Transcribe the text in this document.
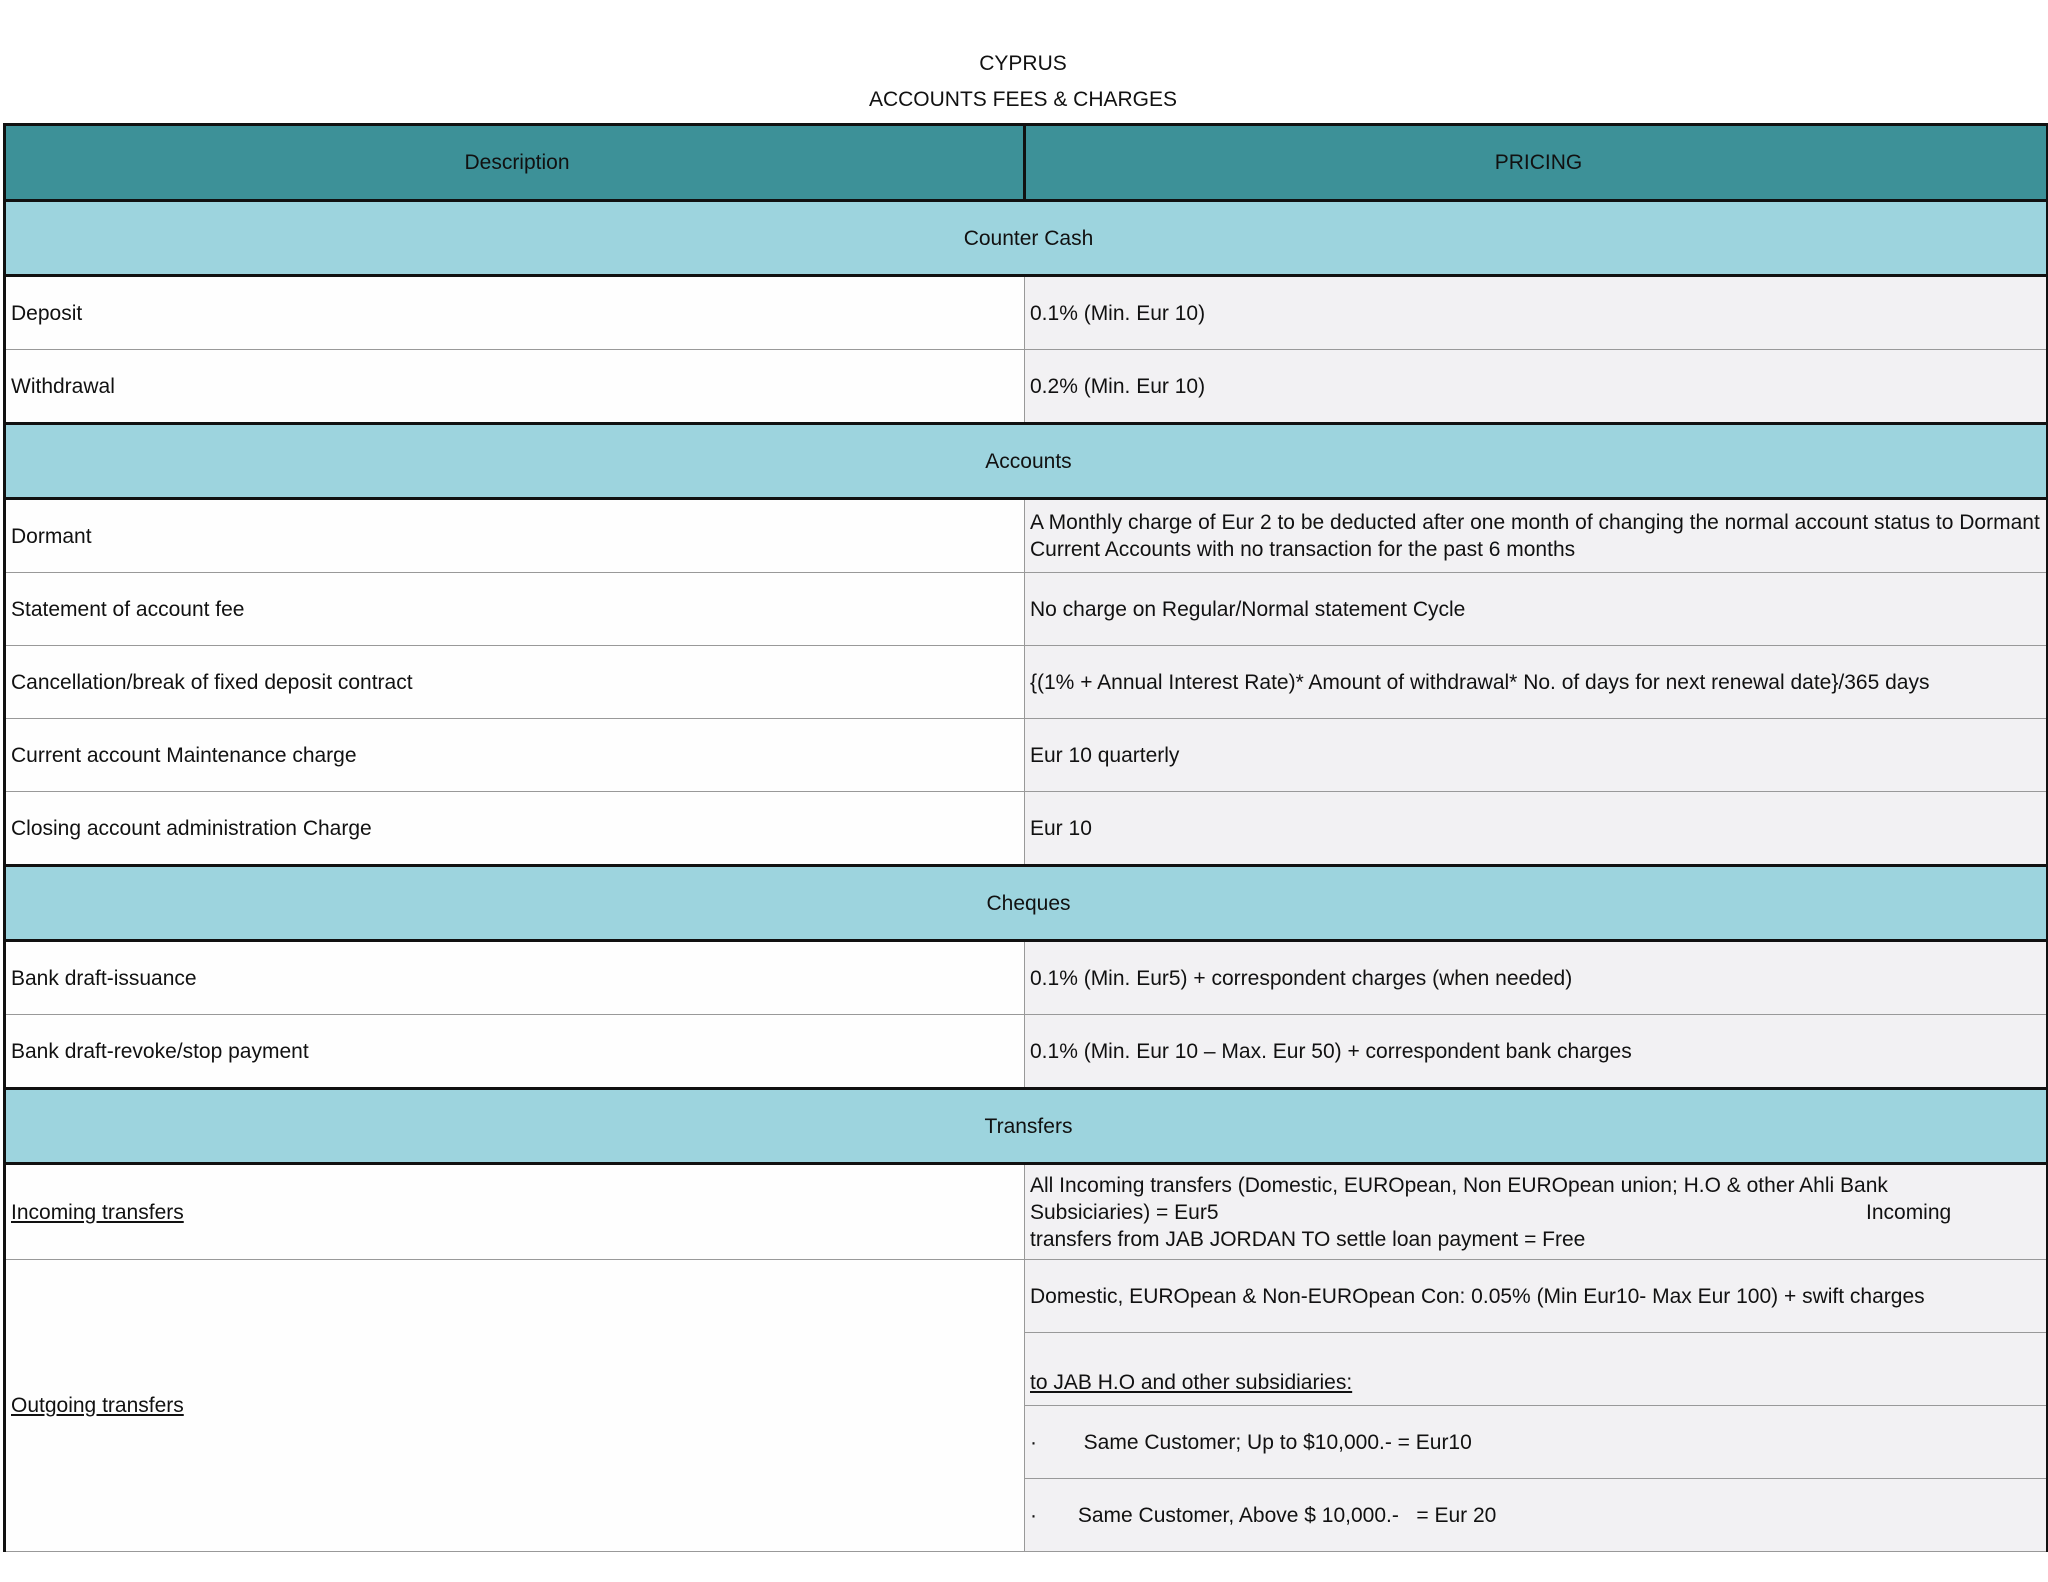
CYPRUS
ACCOUNTS FEES & CHARGES
Description	PRICING
Counter Cash	
Deposit	0.1% (Min. Eur 10)
Withdrawal	0.2% (Min. Eur 10)
Accounts	
Dormant	A Monthly charge of Eur 2 to be deducted after one month of changing the normal account status to Dormant Current Accounts with no transaction for the past 6 months
Statement of account fee	No charge on Regular/Normal statement Cycle
Cancellation/break of fixed deposit contract	{(1% + Annual Interest Rate)* Amount of withdrawal* No. of days for next renewal date}/365 days
Current account Maintenance charge	Eur 10 quarterly
Closing account administration Charge	Eur 10
Cheques	
Bank draft-issuance	0.1% (Min. Eur5) + correspondent charges (when needed)
Bank draft-revoke/stop payment	0.1% (Min. Eur 10 – Max. Eur 50) + correspondent bank charges
Transfers	
Incoming transfers	All Incoming transfers (Domestic, EUROpean, Non EUROpean union; H.O & other Ahli Bank
Subsiciaries) = Eur5 Incoming
transfers from JAB JORDAN TO settle loan payment = Free

Outgoing transfers	Domestic, EUROpean & Non-EUROpean Con: 0.05% (Min Eur10- Max Eur 100) + swift charges

	to JAB H.O and other subsidiaries:

	·        Same Customer; Up to $10,000.- = Eur10
	·       Same Customer, Above $ 10,000.-   = Eur 20
